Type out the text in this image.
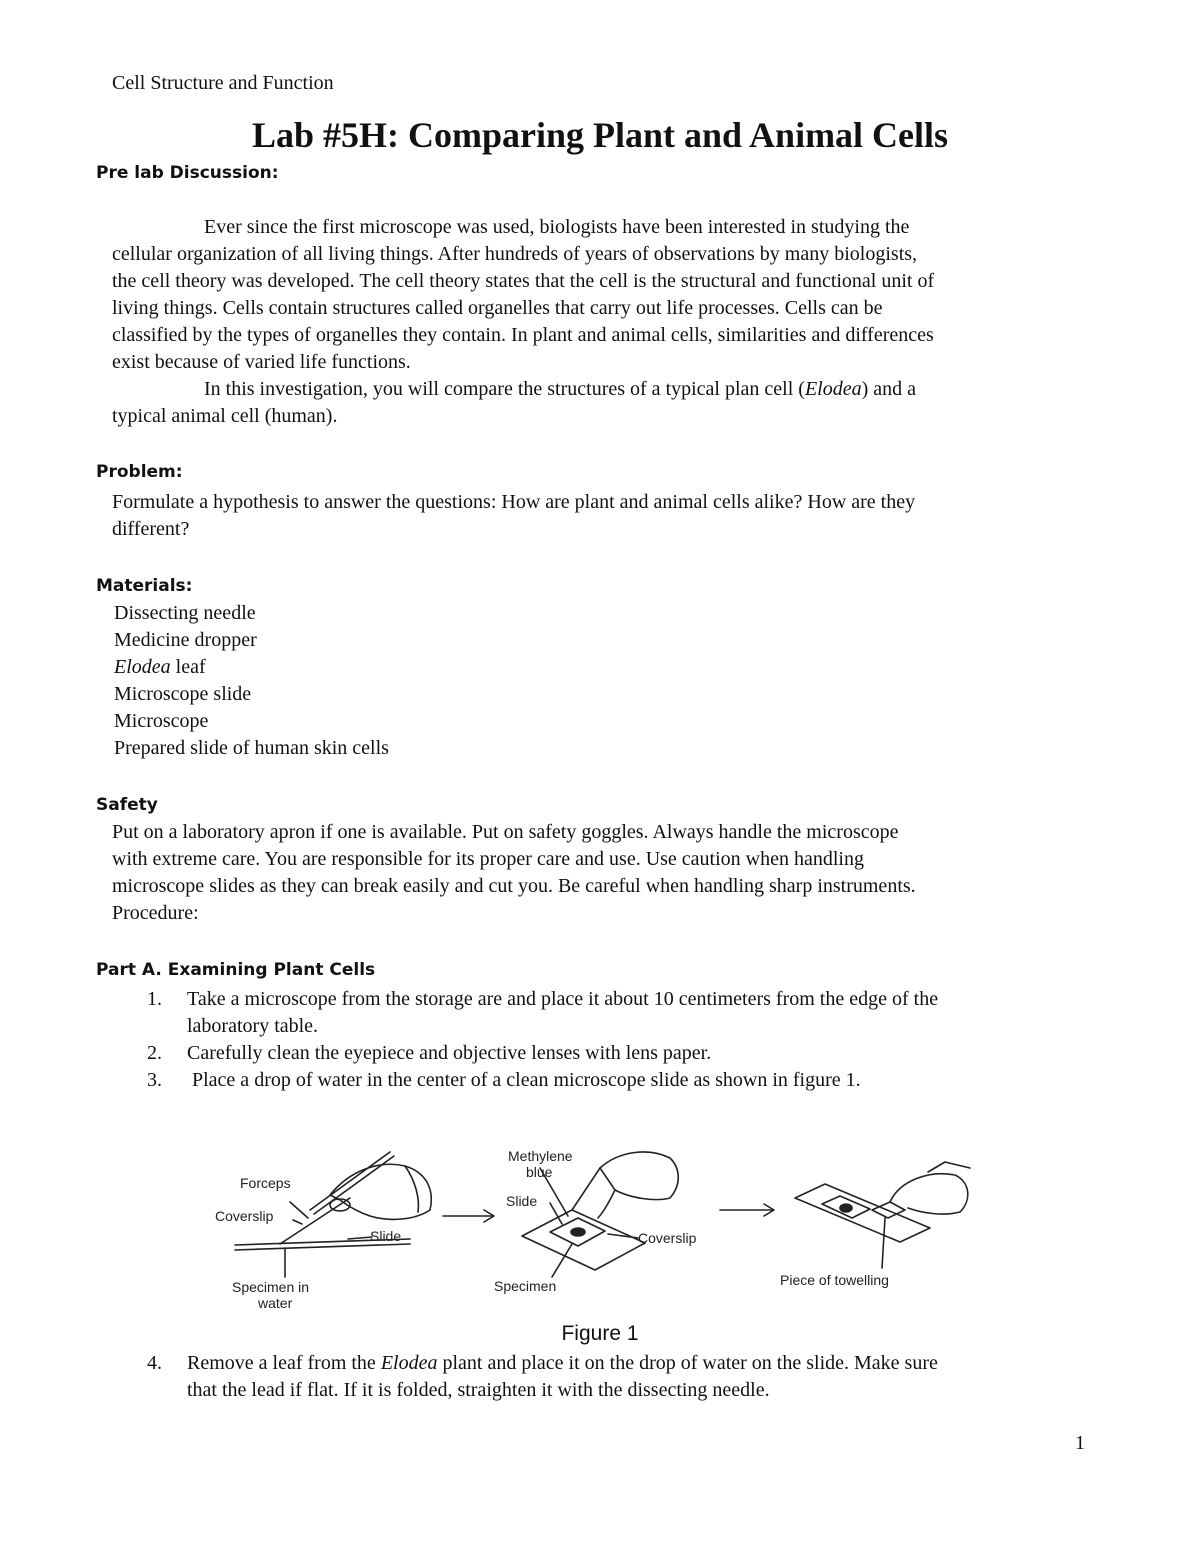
Cell Structure and Function
Lab #5H: Comparing Plant and Animal Cells
Pre lab Discussion:
Ever since the first microscope was used, biologists have been interested in studying the
cellular organization of all living things. After hundreds of years of observations by many biologists,
the cell theory was developed. The cell theory states that the cell is the structural and functional unit of
living things. Cells contain structures called organelles that carry out life processes. Cells can be
classified by the types of organelles they contain. In plant and animal cells, similarities and differences
exist because of varied life functions.
In this investigation, you will compare the structures of a typical plan cell (Elodea) and a
typical animal cell (human).
Problem:
Formulate a hypothesis to answer the questions: How are plant and animal cells alike? How are they
different?
Materials:
Dissecting needle
Medicine dropper
Elodea leaf
Microscope slide
Microscope
Prepared slide of human skin cells
Safety
Put on a laboratory apron if one is available. Put on safety goggles. Always handle the microscope
with extreme care. You are responsible for its proper care and use. Use caution when handling
microscope slides as they can break easily and cut you. Be careful when handling sharp instruments.
Procedure:
Part A. Examining Plant Cells
1. Take a microscope from the storage are and place it about 10 centimeters from the edge of the
laboratory table.
2. Carefully clean the eyepiece and objective lenses with lens paper.
3. Place a drop of water in the center of a clean microscope slide as shown in figure 1.
Forceps
Coverslip
Slide
Specimen in
water
Methylene
blue
Slide
Coverslip
Specimen	Piece of towelling
Figure 1
4. Remove a leaf from the Elodea plant and place it on the drop of water on the slide. Make sure
that the lead if flat. If it is folded, straighten it with the dissecting needle.
1
